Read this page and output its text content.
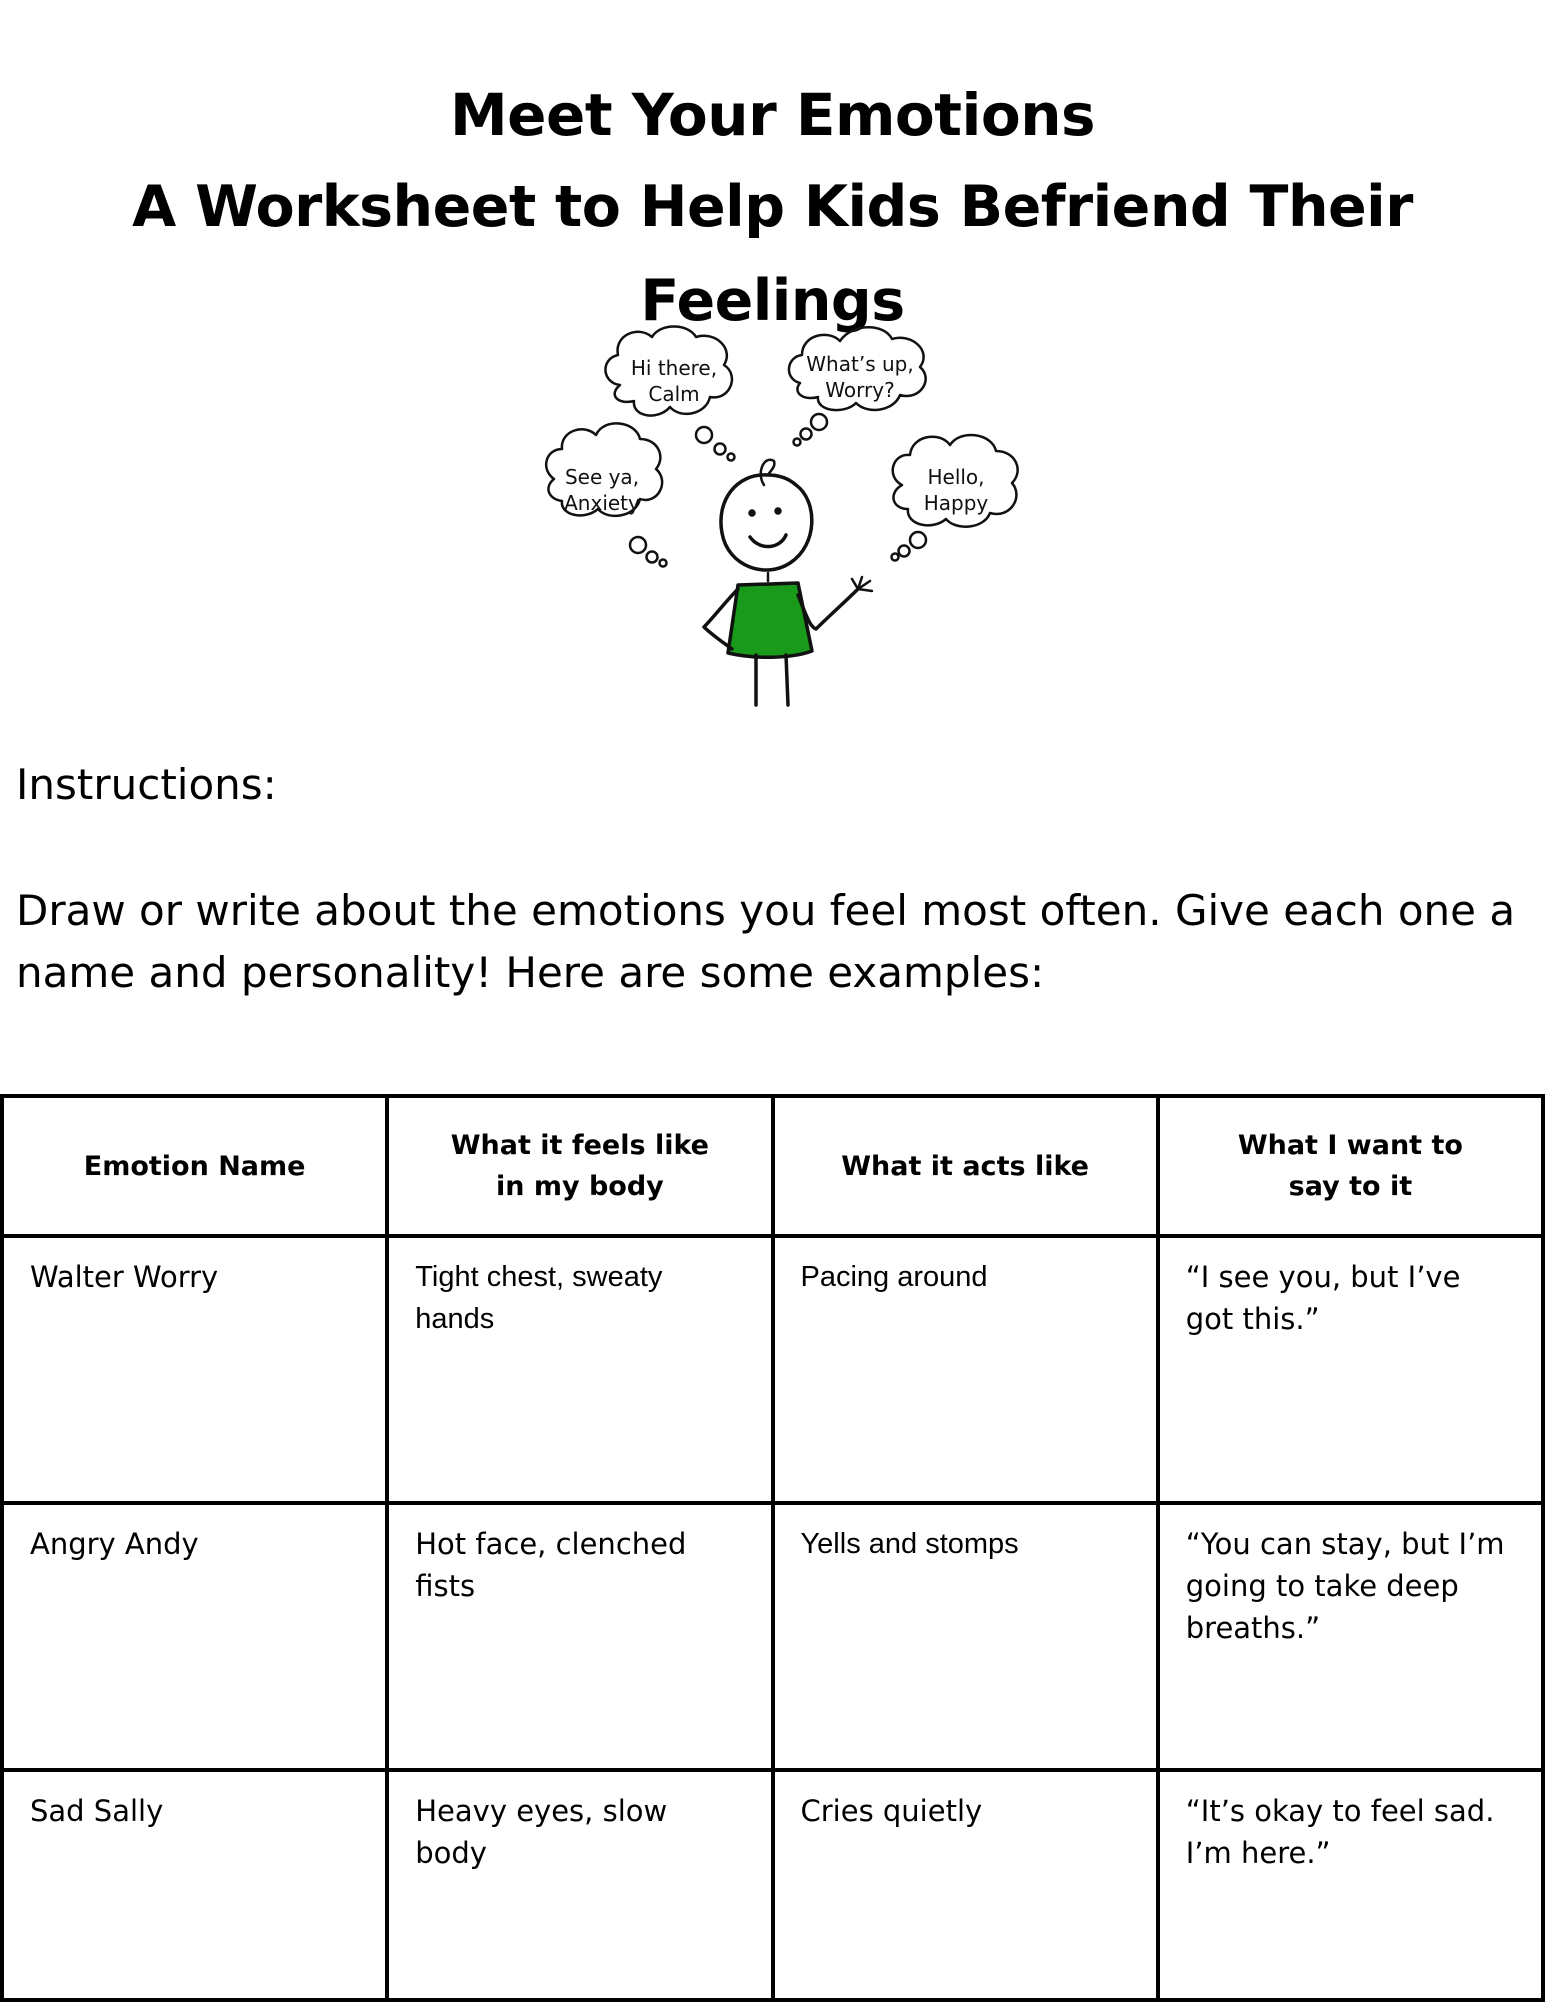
Meet Your Emotions
A Worksheet to Help Kids Befriend Their Feelings
Hi there,
Calm
What’s up,
Worry?
See ya,
Anxiety
Hello,
Happy

Instructions:

Draw or write about the emotions you feel most often. Give each one a name and personality! Here are some examples:

Emotion Name	What it feels like in my body	What it acts like	What I want to say to it
Walter Worry	Tight chest, sweaty hands	Pacing around	“I see you, but I’ve got this.”
Angry Andy	Hot face, clenched fists	Yells and stomps	“You can stay, but I’m going to take deep breaths.”
Sad Sally	Heavy eyes, slow body	Cries quietly	“It’s okay to feel sad. I’m here.”
